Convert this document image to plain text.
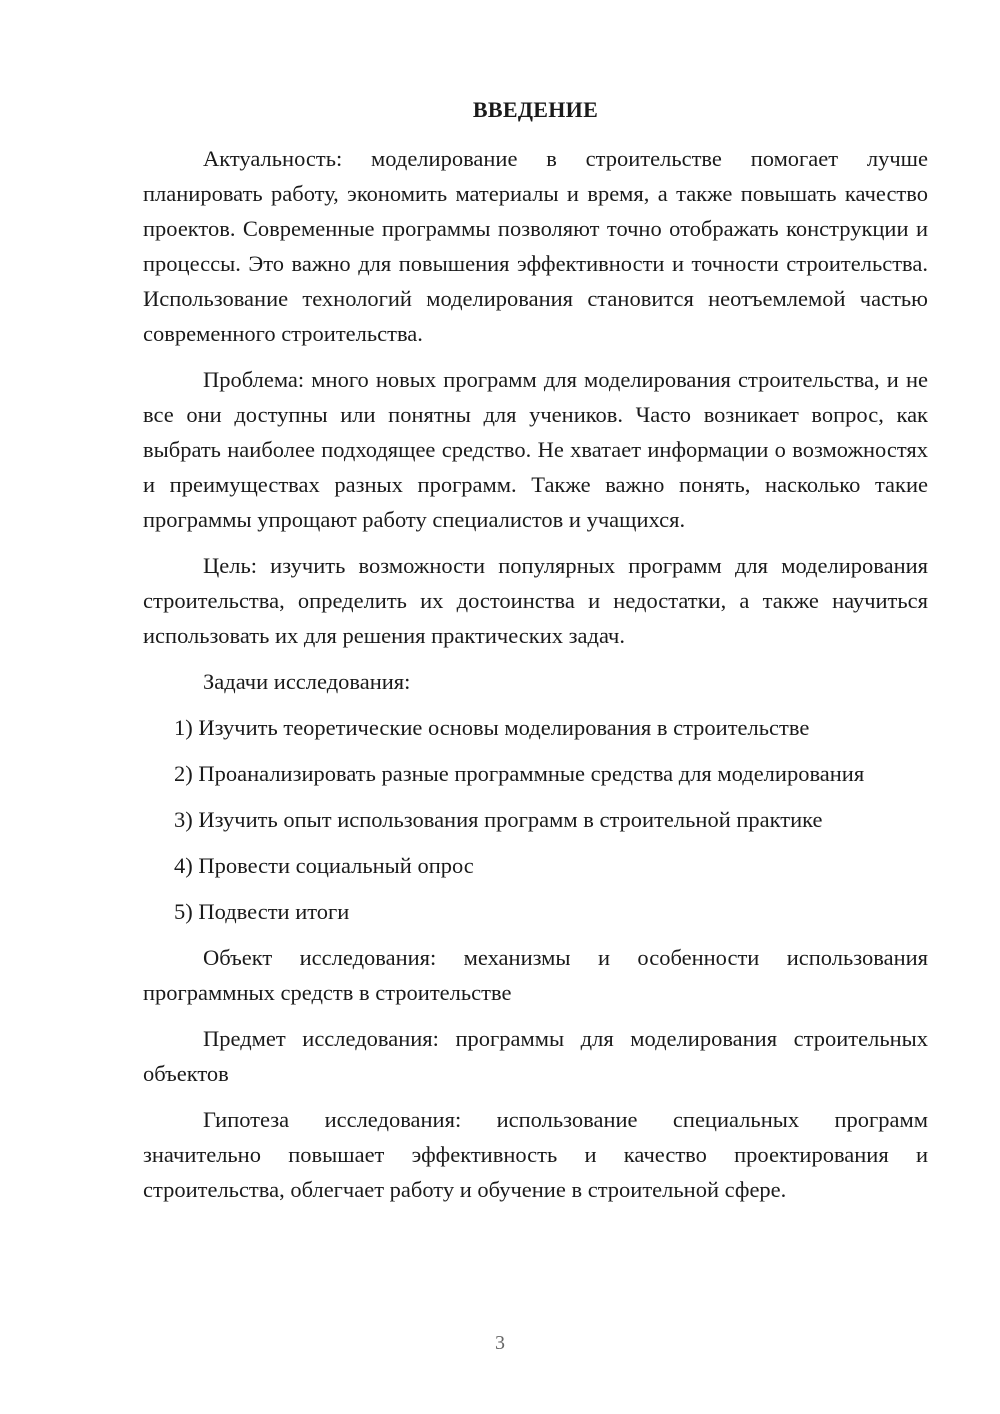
ВВЕДЕНИЕ

Актуальность: моделирование в строительстве помогает лучше планировать работу, экономить материалы и время, а также повышать качество проектов. Современные программы позволяют точно отображать конструкции и процессы. Это важно для повышения эффективности и точности строительства. Использование технологий моделирования становится неотъемлемой частью современного строительства.

Проблема: много новых программ для моделирования строительства, и не все они доступны или понятны для учеников. Часто возникает вопрос, как выбрать наиболее подходящее средство. Не хватает информации о возможностях и преимуществах разных программ. Также важно понять, насколько такие программы упрощают работу специалистов и учащихся.

Цель: изучить возможности популярных программ для моделирования строительства, определить их достоинства и недостатки, а также научиться использовать их для решения практических задач.

Задачи исследования:

1) Изучить теоретические основы моделирования в строительстве

2) Проанализировать разные программные средства для моделирования

3) Изучить опыт использования программ в строительной практике

4) Провести социальный опрос

5) Подвести итоги

Объект исследования: механизмы и особенности использования программных средств в строительстве

Предмет исследования: программы для моделирования строительных объектов

Гипотеза исследования: использование специальных программ значительно повышает эффективность и качество проектирования и строительства, облегчает работу и обучение в строительной сфере.

3
